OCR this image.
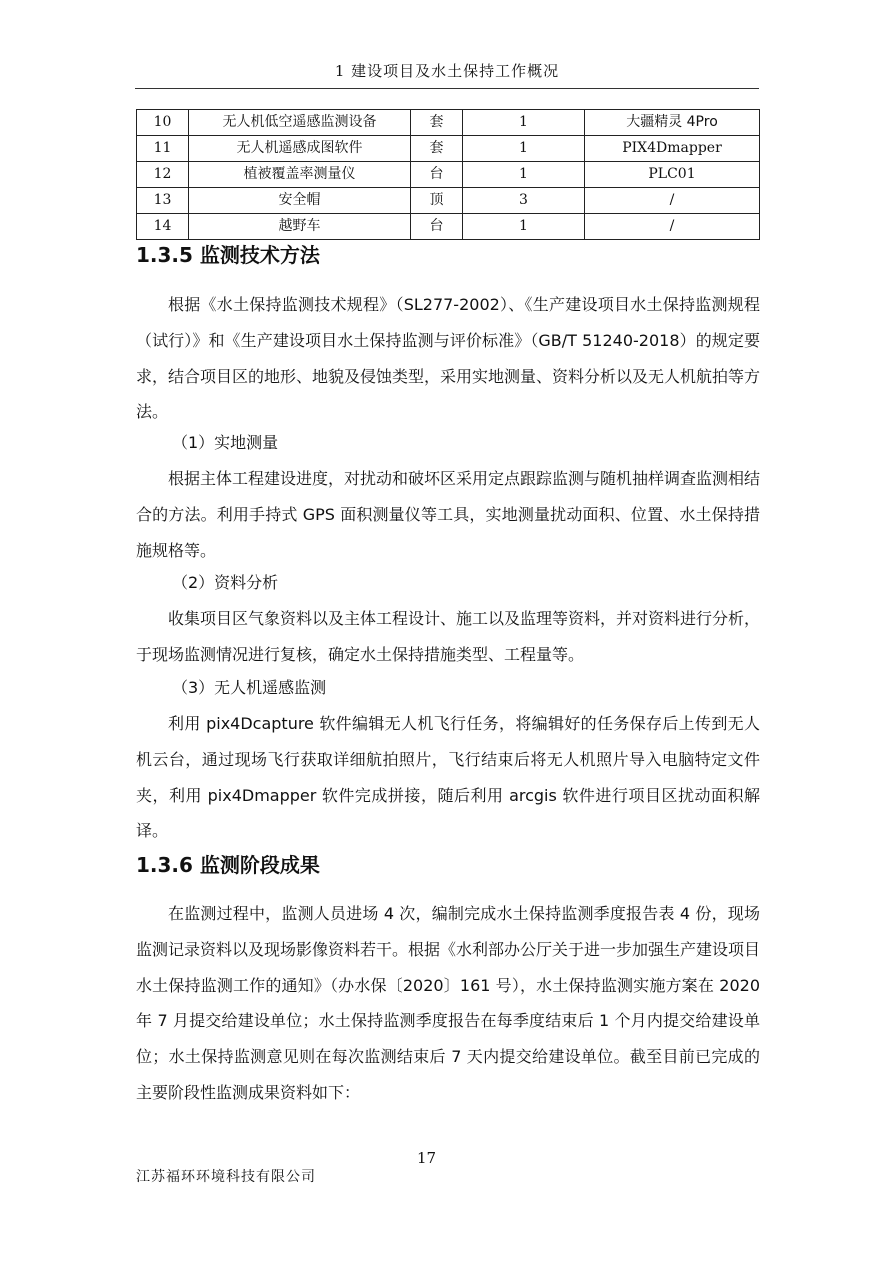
1 建设项目及水土保持工作概况
10	无人机低空遥感监测设备	套	1	大疆精灵 4Pro
11	无人机遥感成图软件	套	1	PIX4Dmapper
12	植被覆盖率测量仪	台	1	PLC01
13	安全帽	顶	3	/
14	越野车	台	1	/
1.3.5 监测技术方法

根据《水土保持监测技术规程》（SL277-2002）、《生产建设项目水土保持监测规程（试行）》和《生产建设项目水土保持监测与评价标准》（GB/T 51240-2018）的规定要求，结合项目区的地形、地貌及侵蚀类型，采用实地测量、资料分析以及无人机航拍等方法。

（1）实地测量

根据主体工程建设进度，对扰动和破坏区采用定点跟踪监测与随机抽样调查监测相结合的方法。利用手持式 GPS 面积测量仪等工具，实地测量扰动面积、位置、水土保持措施规格等。

（2）资料分析

收集项目区气象资料以及主体工程设计、施工以及监理等资料，并对资料进行分析，于现场监测情况进行复核，确定水土保持措施类型、工程量等。

（3）无人机遥感监测

利用 pix4Dcapture 软件编辑无人机飞行任务，将编辑好的任务保存后上传到无人机云台，通过现场飞行获取详细航拍照片，飞行结束后将无人机照片导入电脑特定文件夹，利用 pix4Dmapper 软件完成拼接，随后利用 arcgis 软件进行项目区扰动面积解译。

1.3.6 监测阶段成果

在监测过程中，监测人员进场 4 次，编制完成水土保持监测季度报告表 4 份，现场监测记录资料以及现场影像资料若干。根据《水利部办公厅关于进一步加强生产建设项目水土保持监测工作的通知》（办水保〔2020〕161 号），水土保持监测实施方案在 2020 年 7 月提交给建设单位；水土保持监测季度报告在每季度结束后 1 个月内提交给建设单位；水土保持监测意见则在每次监测结束后 7 天内提交给建设单位。截至目前已完成的主要阶段性监测成果资料如下：

17
江苏福环环境科技有限公司
